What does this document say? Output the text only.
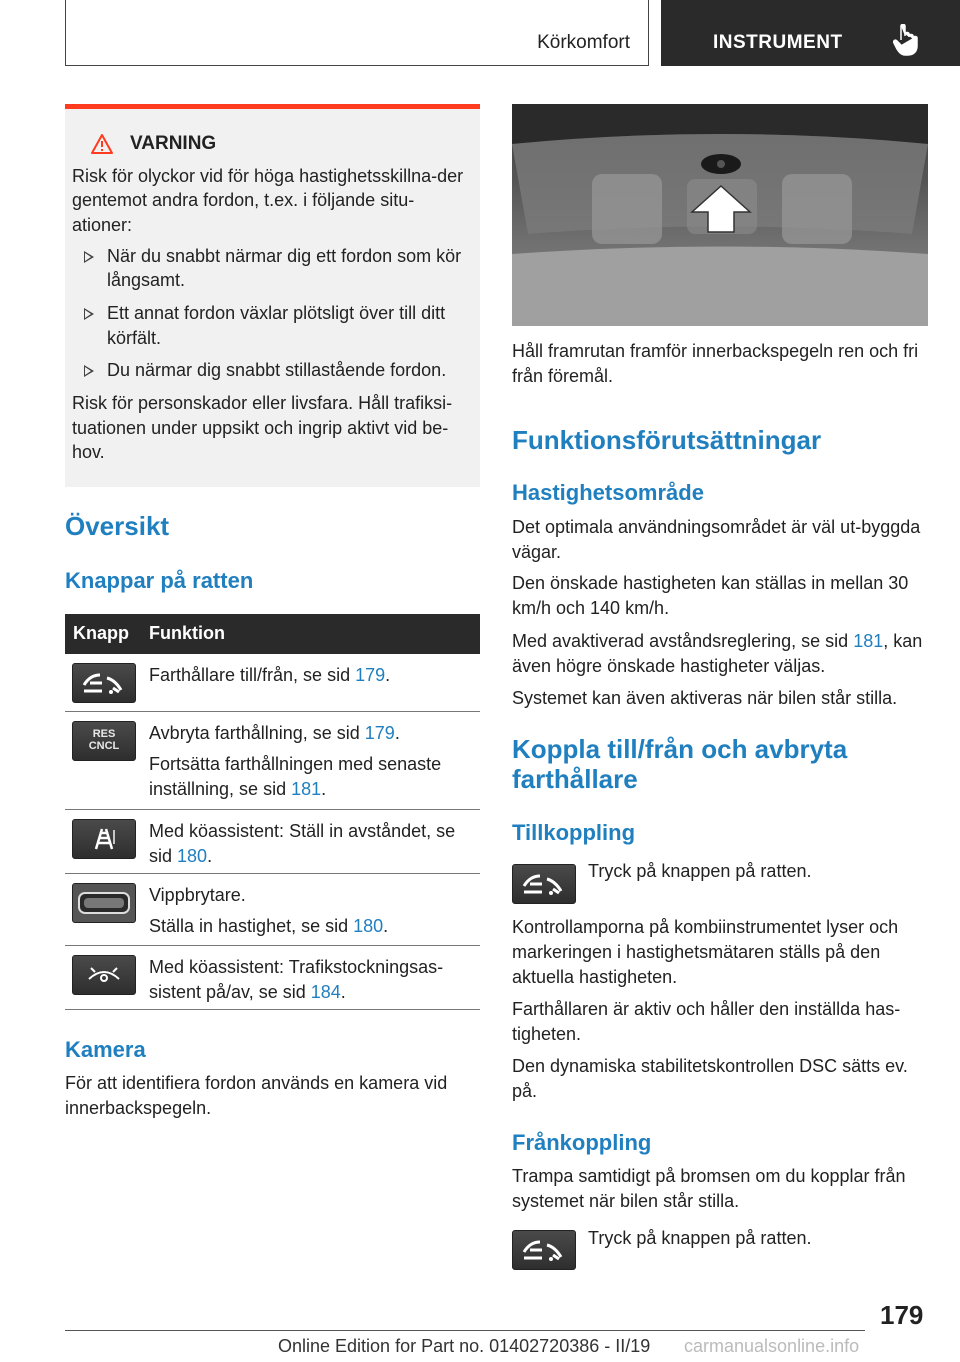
Körkomfort	INSTRUMENT
VARNING

Risk för olyckor vid för höga hastighetsskillna-der gentemot andra fordon, t.ex. i följande situ-ationer:

När du snabbt närmar dig ett fordon som kör långsamt.
Ett annat fordon växlar plötsligt över till ditt körfält.
Du närmar dig snabbt stillastående fordon.

Risk för personskador eller livsfara. Håll trafiksi-tuationen under uppsikt och ingrip aktivt vid be-hov.

Översikt
Knappar på ratten
Knapp	Funktion

Farthållare till/från, se sid 179.

RES
CNCL

Avbryta farthållning, se sid 179.

Fortsätta farthållningen med senaste inställning, se sid 181.

Med köassistent: Ställ in avståndet, se sid 180.

Vippbrytare.

Ställa in hastighet, se sid 180.

Med köassistent: Trafikstockningsas-sistent på/av, se sid 184.

Kamera
För att identifiera fordon används en kamera vid innerbackspegeln.
Håll framrutan framför innerbackspegeln ren och fri från föremål.
Funktionsförutsättningar
Hastighetsområde
Det optimala användningsområdet är väl ut-byggda vägar.
Den önskade hastigheten kan ställas in mellan 30 km/h och 140 km/h.
Med avaktiverad avståndsreglering, se sid 181, kan även högre önskade hastigheter väljas.
Systemet kan även aktiveras när bilen står stilla.
Koppla till/från och avbryta farthållare
Tillkoppling
Tryck på knappen på ratten.
Kontrollamporna på kombiinstrumentet lyser och markeringen i hastighetsmätaren ställs på den aktuella hastigheten.
Farthållaren är aktiv och håller den inställda has-tigheten.
Den dynamiska stabilitetskontrollen DSC sätts ev. på.
Frånkoppling
Trampa samtidigt på bromsen om du kopplar från systemet när bilen står stilla.
Tryck på knappen på ratten.
179
Online Edition for Part no. 01402720386 - II/19 carmanualsonline.info
